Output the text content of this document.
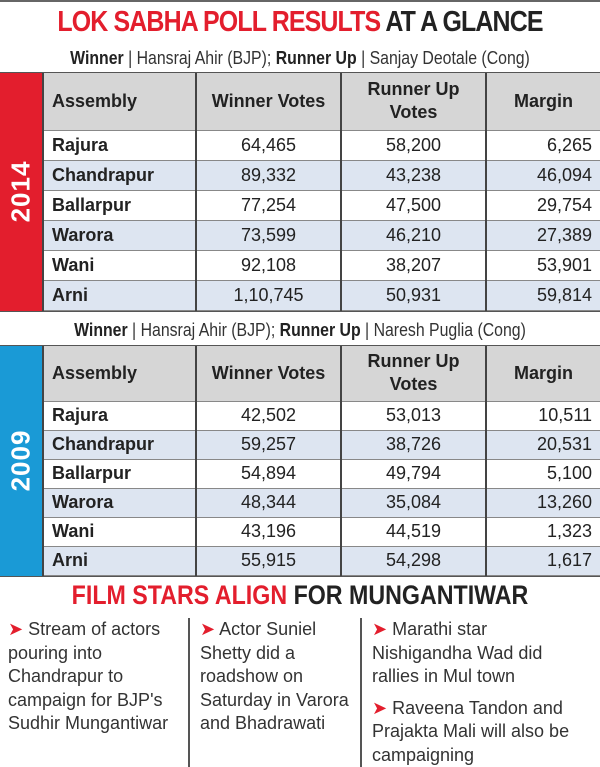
LOK SABHA POLL RESULTS AT A GLANCE
Winner | Hansraj Ahir (BJP); Runner Up | Sanjay Deotale (Cong)
2014
Assembly	Winner Votes	Runner Up Votes	Margin
Rajura	64,465	58,200	6,265
Chandrapur	89,332	43,238	46,094
Ballarpur	77,254	47,500	29,754
Warora	73,599	46,210	27,389
Wani	92,108	38,207	53,901
Arni	1,10,745	50,931	59,814
Winner | Hansraj Ahir (BJP); Runner Up | Naresh Puglia (Cong)
2009
Assembly	Winner Votes	Runner Up Votes	Margin
Rajura	42,502	53,013	10,511
Chandrapur	59,257	38,726	20,531
Ballarpur	54,894	49,794	5,100
Warora	48,344	35,084	13,260
Wani	43,196	44,519	1,323
Arni	55,915	54,298	1,617
FILM STARS ALIGN FOR MUNGANTIWAR
➤ Stream of actors pouring into Chandrapur to campaign for BJP's Sudhir Mungantiwar
➤ Actor Suniel Shetty did a roadshow on Saturday in Varora and Bhadrawati

➤ Marathi star Nishigandha Wad did rallies in Mul town

➤ Raveena Tandon and Prajakta Mali will also be campaigning
